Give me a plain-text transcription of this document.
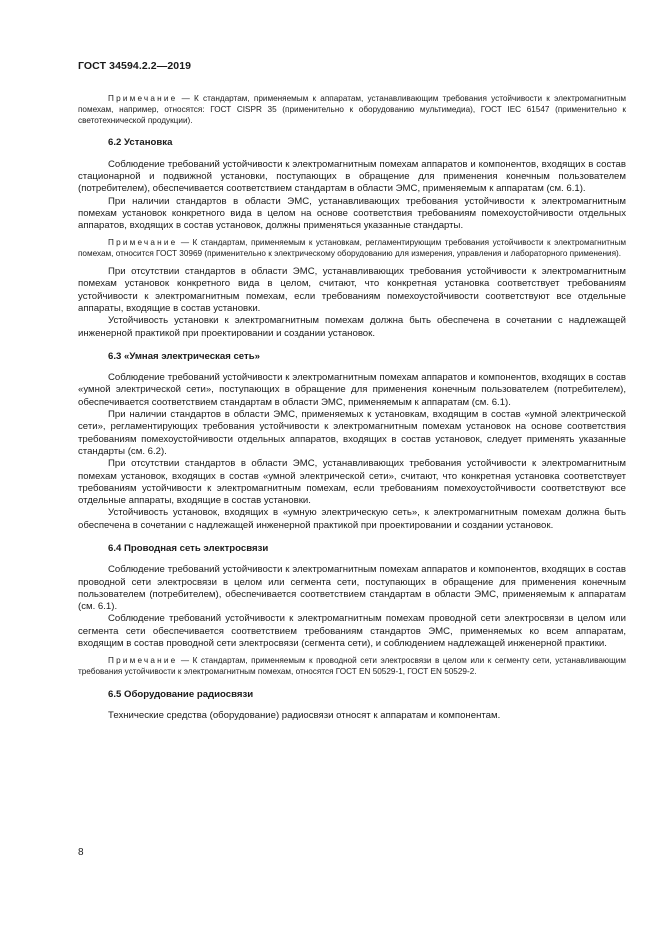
ГОСТ 34594.2.2—2019

Примечание — К стандартам, применяемым к аппаратам, устанавливающим требования устойчивости к электромагнитным помехам, например, относятся: ГОСТ CISPR 35 (применительно к оборудованию мультимедиа), ГОСТ IEC 61547 (применительно к светотехнической продукции).

6.2 Установка

Соблюдение требований устойчивости к электромагнитным помехам аппаратов и компонентов, входящих в состав стационарной и подвижной установки, поступающих в обращение для применения конечным пользователем (потребителем), обеспечивается соответствием стандартам в области ЭМС, применяемым к аппаратам (см. 6.1).

При наличии стандартов в области ЭМС, устанавливающих требования устойчивости к электромагнитным помехам установок конкретного вида в целом на основе соответствия требованиям помехоустойчивости отдельных аппаратов, входящих в состав установок, должны применяться указанные стандарты.

Примечание — К стандартам, применяемым к установкам, регламентирующим требования устойчивости к электромагнитным помехам, относится ГОСТ 30969 (применительно к электрическому оборудованию для измерения, управления и лабораторного применения).

При отсутствии стандартов в области ЭМС, устанавливающих требования устойчивости к электромагнитным помехам установок конкретного вида в целом, считают, что конкретная установка соответствует требованиям устойчивости к электромагнитным помехам, если требованиям помехоустойчивости соответствуют все отдельные аппараты, входящие в состав установки.

Устойчивость установки к электромагнитным помехам должна быть обеспечена в сочетании с надлежащей инженерной практикой при проектировании и создании установок.

6.3 «Умная электрическая сеть»

Соблюдение требований устойчивости к электромагнитным помехам аппаратов и компонентов, входящих в состав «умной электрической сети», поступающих в обращение для применения конечным пользователем (потребителем), обеспечивается соответствием стандартам в области ЭМС, применяемым к аппаратам (см. 6.1).

При наличии стандартов в области ЭМС, применяемых к установкам, входящим в состав «умной электрической сети», регламентирующих требования устойчивости к электромагнитным помехам установок на основе соответствия требованиям помехоустойчивости отдельных аппаратов, входящих в состав установок, следует применять указанные стандарты (см. 6.2).

При отсутствии стандартов в области ЭМС, устанавливающих требования устойчивости к электромагнитным помехам установок, входящих в состав «умной электрической сети», считают, что конкретная установка соответствует требованиям устойчивости к электромагнитным помехам, если требованиям помехоустойчивости соответствуют все отдельные аппараты, входящие в состав установки.

Устойчивость установок, входящих в «умную электрическую сеть», к электромагнитным помехам должна быть обеспечена в сочетании с надлежащей инженерной практикой при проектировании и создании установок.

6.4 Проводная сеть электросвязи

Соблюдение требований устойчивости к электромагнитным помехам аппаратов и компонентов, входящих в состав проводной сети электросвязи в целом или сегмента сети, поступающих в обращение для применения конечным пользователем (потребителем), обеспечивается соответствием стандартам в области ЭМС, применяемым к аппаратам (см. 6.1).

Соблюдение требований устойчивости к электромагнитным помехам проводной сети электросвязи в целом или сегмента сети обеспечивается соответствием требованиям стандартов ЭМС, применяемых ко всем аппаратам, входящим в состав проводной сети электросвязи (сегмента сети), и соблюдением надлежащей инженерной практики.

Примечание — К стандартам, применяемым к проводной сети электросвязи в целом или к сегменту сети, устанавливающим требования устойчивости к электромагнитным помехам, относятся ГОСТ EN 50529-1, ГОСТ EN 50529-2.

6.5 Оборудование радиосвязи

Технические средства (оборудование) радиосвязи относят к аппаратам и компонентам.

8
